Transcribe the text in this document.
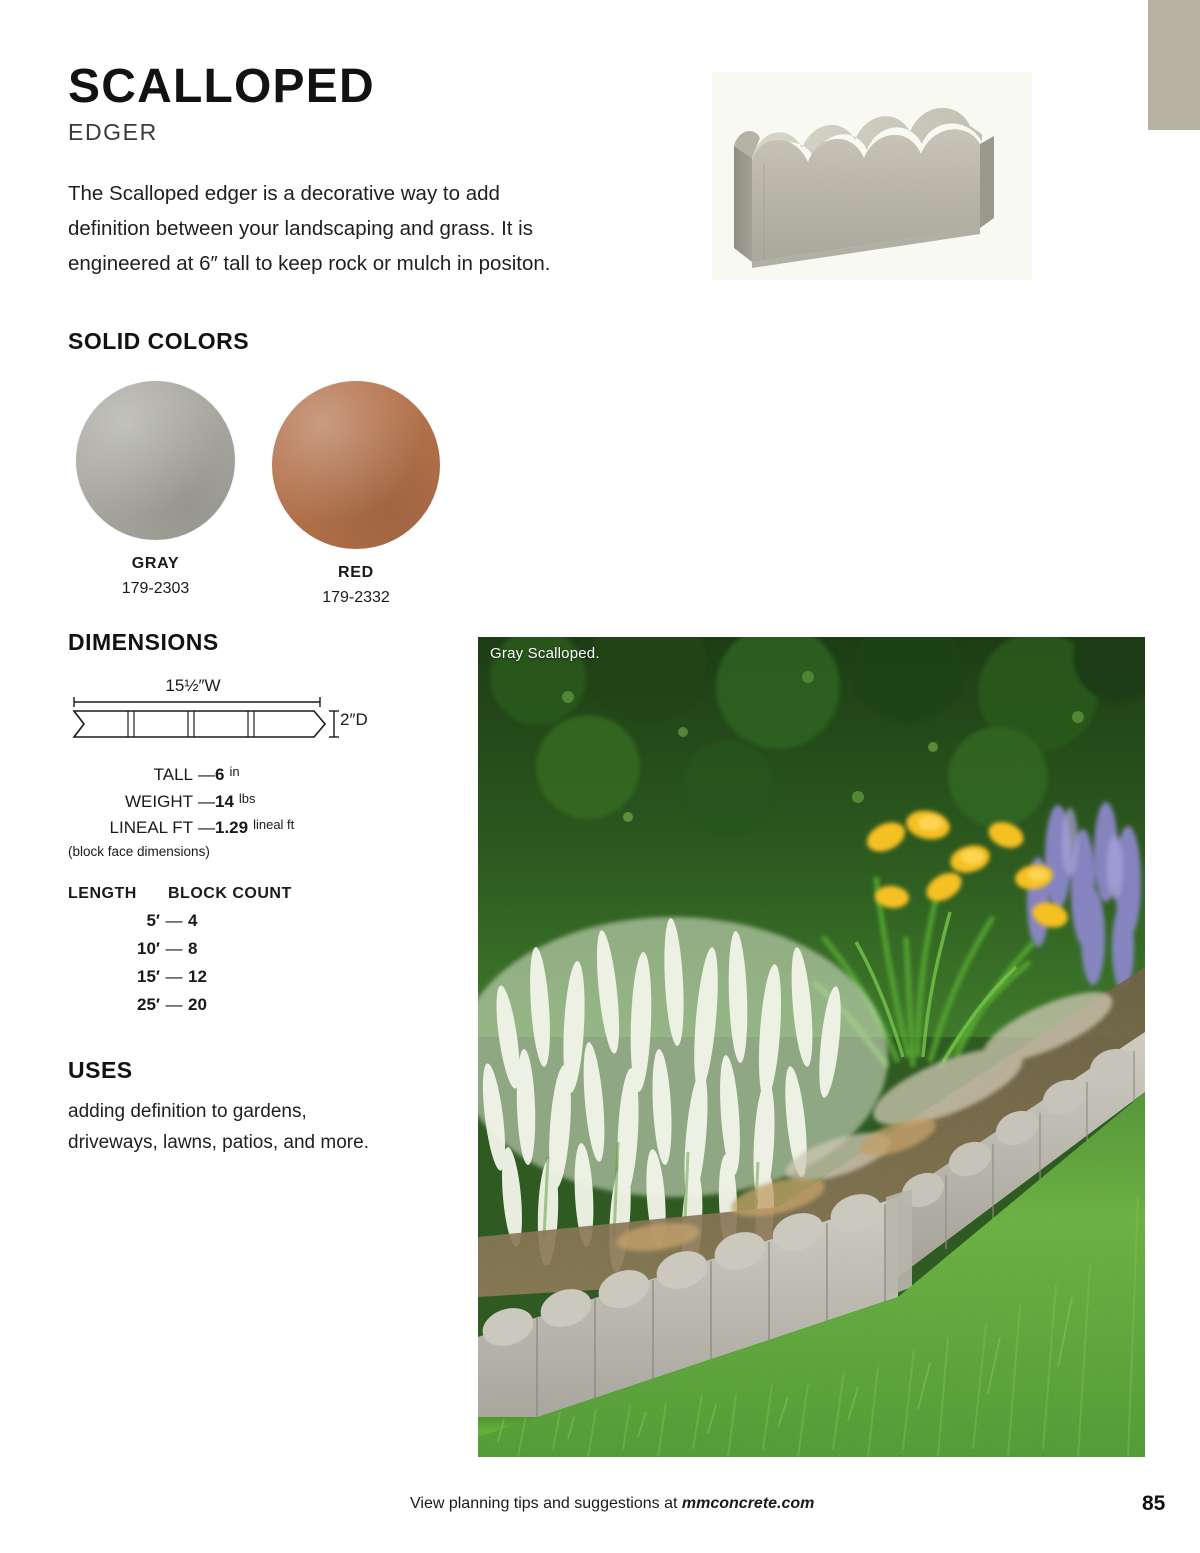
SCALLOPED
EDGER

The Scalloped edger is a decorative way to add definition between your landscaping and grass. It is engineered at 6″ tall to keep rock or mulch in positon.

SOLID COLORS
GRAY
179-2303
RED
179-2332
DIMENSIONS
15½″W
2″D
TALL — 6 in
WEIGHT — 14 lbs
LINEAL FT — 1.29 lineal ft
(block face dimensions)
LENGTH	BLOCK COUNT
5′ — 4
10′ — 8
15′ — 12
25′ — 20
USES

adding definition to gardens, driveways, lawns, patios, and more.

Gray Scalloped.
View planning tips and suggestions at mmconcrete.com	85
